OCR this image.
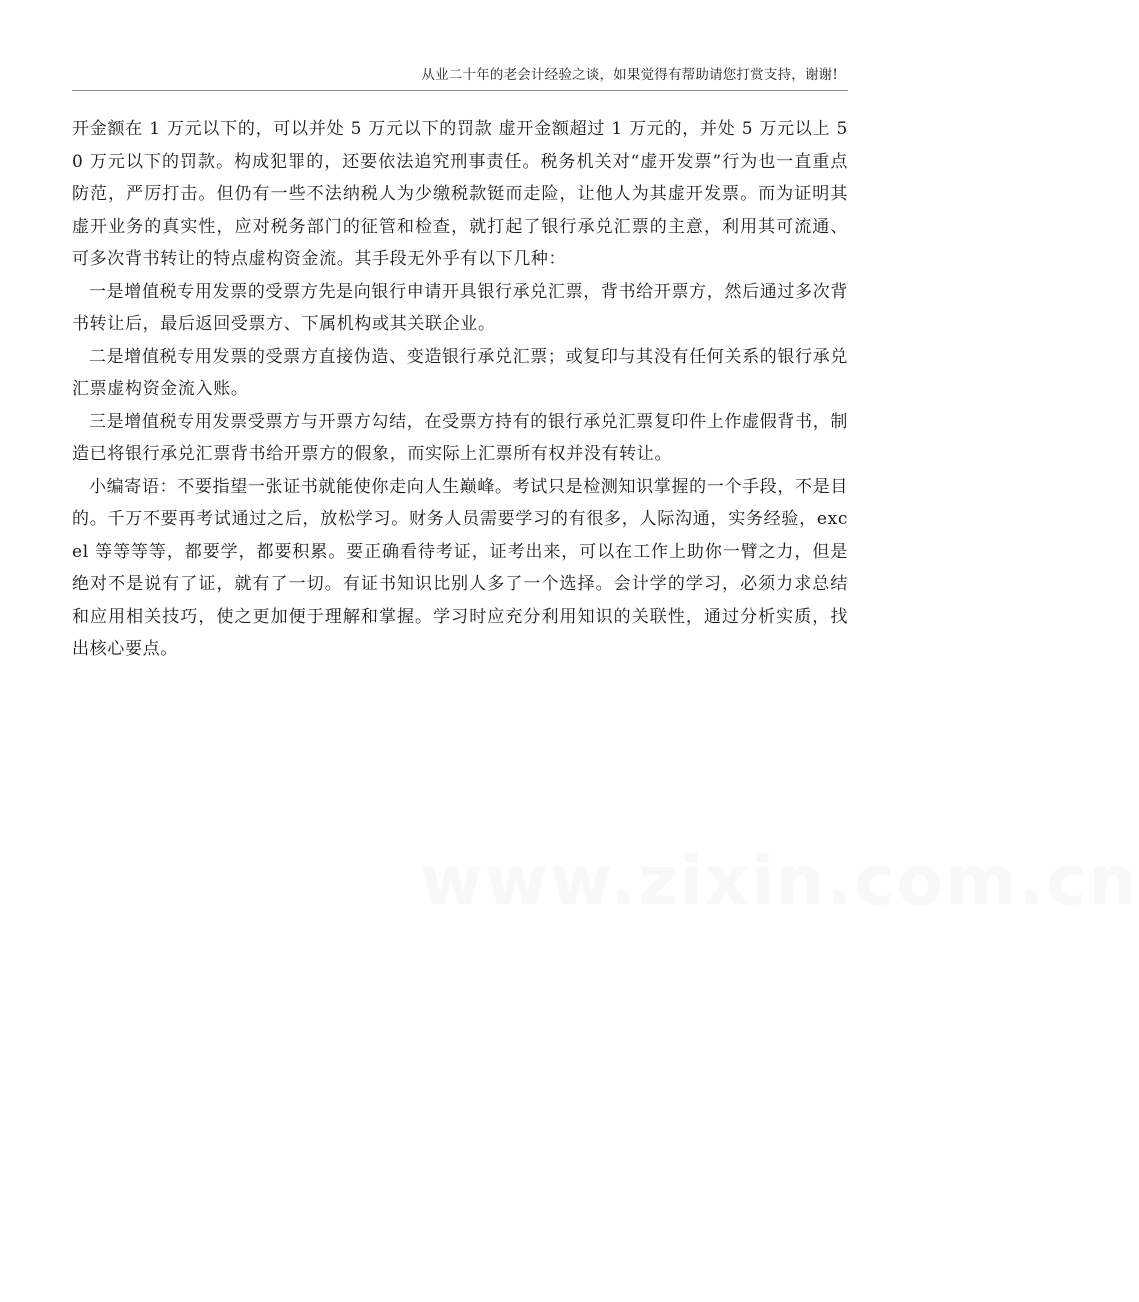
从业二十年的老会计经验之谈，如果觉得有帮助请您打赏支持，谢谢!
www.zixin.com.cn

开金额在 1 万元以下的，可以并处 5 万元以下的罚款 虚开金额超过 1 万元的，并处 5 万元以上 50 万元以下的罚款。构成犯罪的，还要依法追究刑事责任。税务机关对“虚开发票”行为也一直重点防范，严厉打击。但仍有一些不法纳税人为少缴税款铤而走险，让他人为其虚开发票。而为证明其虚开业务的真实性，应对税务部门的征管和检查，就打起了银行承兑汇票的主意，利用其可流通、可多次背书转让的特点虚构资金流。其手段无外乎有以下几种：

一是增值税专用发票的受票方先是向银行申请开具银行承兑汇票，背书给开票方，然后通过多次背书转让后，最后返回受票方、下属机构或其关联企业。

二是增值税专用发票的受票方直接伪造、变造银行承兑汇票；或复印与其没有任何关系的银行承兑汇票虚构资金流入账。

三是增值税专用发票受票方与开票方勾结，在受票方持有的银行承兑汇票复印件上作虚假背书，制造已将银行承兑汇票背书给开票方的假象，而实际上汇票所有权并没有转让。

小编寄语：不要指望一张证书就能使你走向人生巅峰。考试只是检测知识掌握的一个手段，不是目的。千万不要再考试通过之后，放松学习。财务人员需要学习的有很多，人际沟通，实务经验，excel 等等等等，都要学，都要积累。要正确看待考证，证考出来，可以在工作上助你一臂之力，但是绝对不是说有了证，就有了一切。有证书知识比别人多了一个选择。会计学的学习，必须力求总结和应用相关技巧，使之更加便于理解和掌握。学习时应充分利用知识的关联性，通过分析实质，找出核心要点。
